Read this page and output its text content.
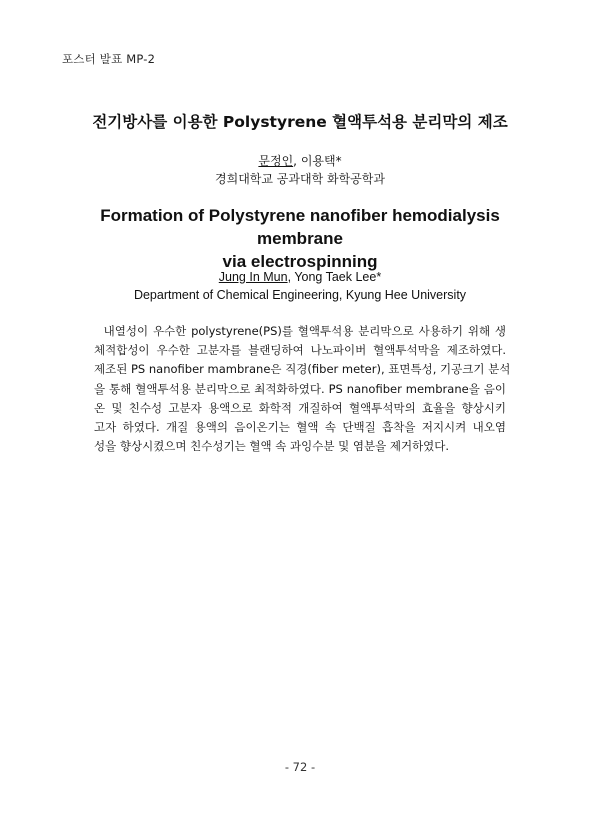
포스터 발표 MP-2
전기방사를 이용한 Polystyrene 혈액투석용 분리막의 제조
문정인, 이용택*
경희대학교 공과대학 화학공학과
Formation of Polystyrene nanofiber hemodialysis membrane
via electrospinning
Jung In Mun, Yong Taek Lee*
Department of Chemical Engineering, Kyung Hee University
내열성이 우수한 polystyrene(PS)를 혈액투석용 분리막으로 사용하기 위해 생
체적합성이 우수한 고분자를 블랜딩하여 나노파이버 혈액투석막을 제조하였다.
제조된 PS nanofiber mambrane은 직경(fiber meter), 표면특성, 기공크기 분석
을 통해 혈액투석용 분리막으로 최적화하였다. PS nanofiber membrane을 음이
온 및 친수성 고분자 용액으로 화학적 개질하여 혈액투석막의 효율을 향상시키
고자 하였다. 개질 용액의 음이온기는 혈액 속 단백질 흡착을 저지시켜 내오염
성을 향상시켰으며 친수성기는 혈액 속 과잉수분 및 염분을 제거하였다.
- 72 -
